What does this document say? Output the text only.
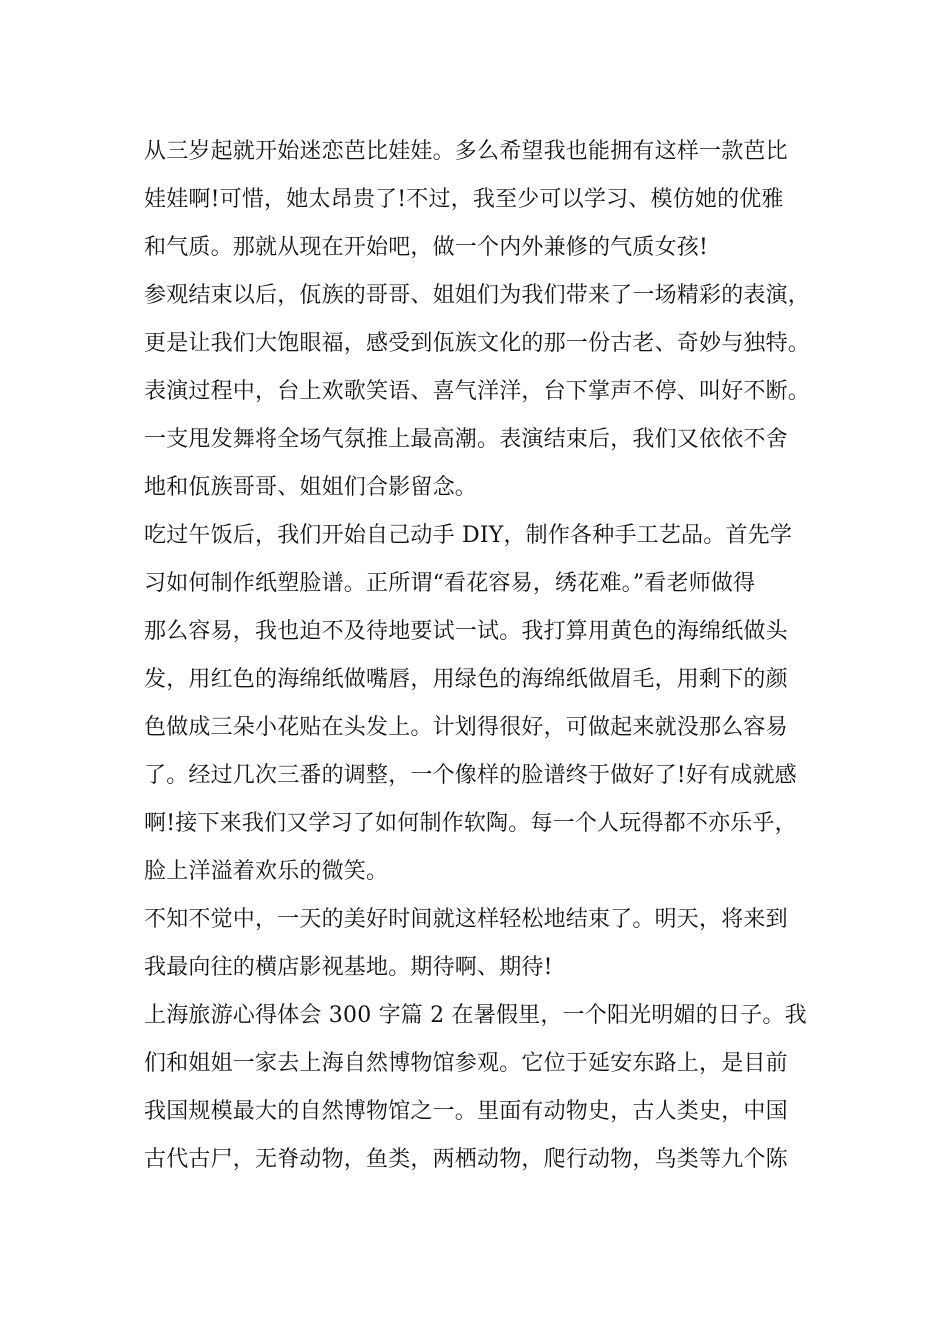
从三岁起就开始迷恋芭比娃娃。多么希望我也能拥有这样一款芭比
娃娃啊!可惜，她太昂贵了!不过，我至少可以学习、模仿她的优雅
和气质。那就从现在开始吧，做一个内外兼修的气质女孩!
参观结束以后，佤族的哥哥、姐姐们为我们带来了一场精彩的表演，
更是让我们大饱眼福，感受到佤族文化的那一份古老、奇妙与独特。
表演过程中，台上欢歌笑语、喜气洋洋，台下掌声不停、叫好不断。
一支甩发舞将全场气氛推上最高潮。表演结束后，我们又依依不舍
地和佤族哥哥、姐姐们合影留念。
吃过午饭后，我们开始自己动手 DIY，制作各种手工艺品。首先学
习如何制作纸塑脸谱。正所谓“看花容易，绣花难。”看老师做得
那么容易，我也迫不及待地要试一试。我打算用黄色的海绵纸做头
发，用红色的海绵纸做嘴唇，用绿色的海绵纸做眉毛，用剩下的颜
色做成三朵小花贴在头发上。计划得很好，可做起来就没那么容易
了。经过几次三番的调整，一个像样的脸谱终于做好了!好有成就感
啊!接下来我们又学习了如何制作软陶。每一个人玩得都不亦乐乎，
脸上洋溢着欢乐的微笑。
不知不觉中，一天的美好时间就这样轻松地结束了。明天，将来到
我最向往的横店影视基地。期待啊、期待!
上海旅游心得体会 300 字篇 2 在暑假里，一个阳光明媚的日子。我
们和姐姐一家去上海自然博物馆参观。它位于延安东路上，是目前
我国规模最大的自然博物馆之一。里面有动物史，古人类史，中国
古代古尸，无脊动物，鱼类，两栖动物，爬行动物，鸟类等九个陈
